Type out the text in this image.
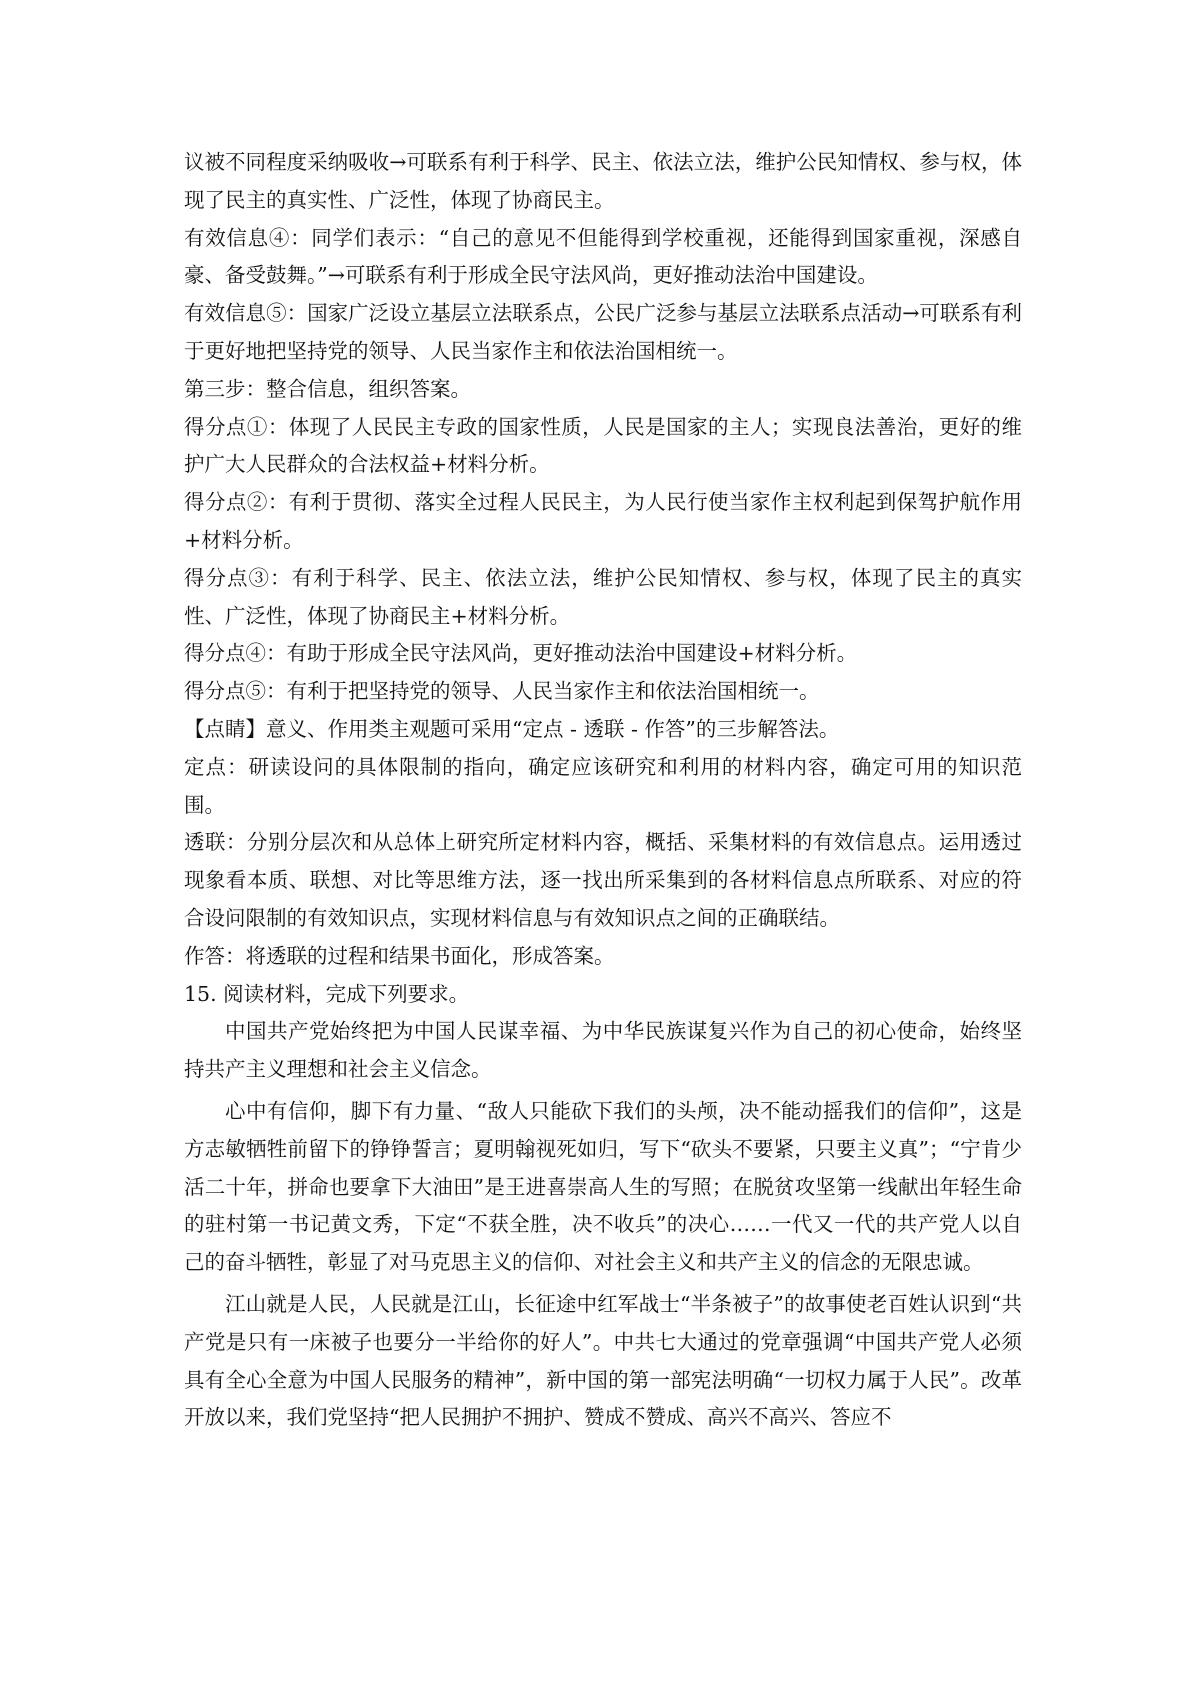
议被不同程度采纳吸收→可联系有利于科学、民主、依法立法，维护公民知情权、参与权，体现了民主的真实性、广泛性，体现了协商民主。

有效信息④：同学们表示：“自己的意见不但能得到学校重视，还能得到国家重视，深感自豪、备受鼓舞。”→可联系有利于形成全民守法风尚，更好推动法治中国建设。

有效信息⑤：国家广泛设立基层立法联系点，公民广泛参与基层立法联系点活动→可联系有利于更好地把坚持党的领导、人民当家作主和依法治国相统一。

第三步：整合信息，组织答案。

得分点①：体现了人民民主专政的国家性质，人民是国家的主人；实现良法善治，更好的维护广大人民群众的合法权益+材料分析。

得分点②：有利于贯彻、落实全过程人民民主，为人民行使当家作主权利起到保驾护航作用+材料分析。

得分点③：有利于科学、民主、依法立法，维护公民知情权、参与权，体现了民主的真实性、广泛性，体现了协商民主+材料分析。

得分点④：有助于形成全民守法风尚，更好推动法治中国建设+材料分析。

得分点⑤：有利于把坚持党的领导、人民当家作主和依法治国相统一。

【点睛】意义、作用类主观题可采用“定点 - 透联 - 作答”的三步解答法。

定点：研读设问的具体限制的指向，确定应该研究和利用的材料内容，确定可用的知识范围。

透联：分别分层次和从总体上研究所定材料内容，概括、采集材料的有效信息点。运用透过现象看本质、联想、对比等思维方法，逐一找出所采集到的各材料信息点所联系、对应的符合设问限制的有效知识点，实现材料信息与有效知识点之间的正确联结。

作答：将透联的过程和结果书面化，形成答案。

15. 阅读材料，完成下列要求。

中国共产党始终把为中国人民谋幸福、为中华民族谋复兴作为自己的初心使命，始终坚持共产主义理想和社会主义信念。

心中有信仰，脚下有力量、“敌人只能砍下我们的头颅，决不能动摇我们的信仰”，这是方志敏牺牲前留下的铮铮誓言；夏明翰视死如归，写下“砍头不要紧，只要主义真”；“宁肯少活二十年，拼命也要拿下大油田”是王进喜崇高人生的写照；在脱贫攻坚第一线献出年轻生命的驻村第一书记黄文秀，下定“不获全胜，决不收兵”的决心……一代又一代的共产党人以自己的奋斗牺牲，彰显了对马克思主义的信仰、对社会主义和共产主义的信念的无限忠诚。

江山就是人民，人民就是江山，长征途中红军战士“半条被子”的故事使老百姓认识到“共产党是只有一床被子也要分一半给你的好人”。中共七大通过的党章强调“中国共产党人必须具有全心全意为中国人民服务的精神”，新中国的第一部宪法明确“一切权力属于人民”。改革开放以来，我们党坚持“把人民拥护不拥护、赞成不赞成、高兴不高兴、答应不
